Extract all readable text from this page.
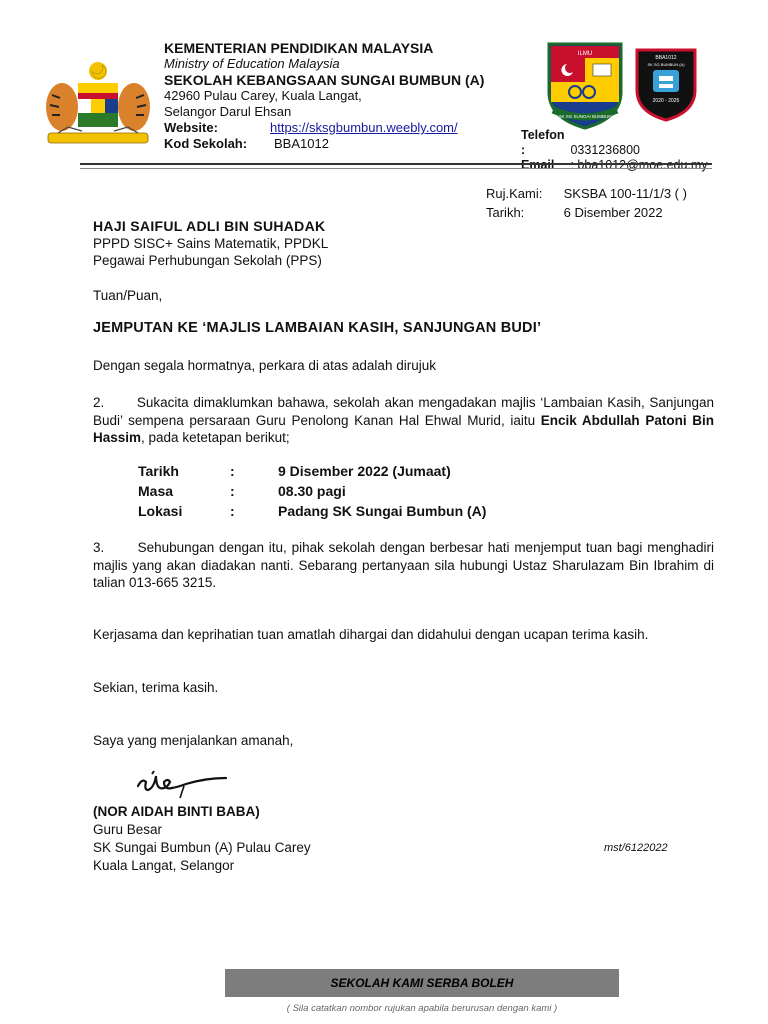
KEMENTERIAN PENDIDIKAN MALAYSIA
Ministry of Education Malaysia
SEKOLAH KEBANGSAAN SUNGAI BUMBUN (A)
42960 Pulau Carey, Kuala Langat,
Selangor Darul Ehsan
Website:	https://sksgbumbun.weebly.com/
Kod Sekolah:	BBA1012
ILMU
SK SG SUNGAI BUMBUN
BBA1012
SK SG BUMBUN (A)
2020 - 2025
Telefon :	0331236800
Email : bba1012@moe.edu.my
Ruj.Kami: SKSBA 100-11/1/3 ( )
Tarikh:	6 Disember 2022
HAJI SAIFUL ADLI BIN SUHADAK
PPPD SISC+ Sains Matematik, PPDKL
Pegawai Perhubungan Sekolah (PPS)
Tuan/Puan,
JEMPUTAN KE ‘MAJLIS LAMBAIAN KASIH, SANJUNGAN BUDI’
Dengan segala hormatnya, perkara di atas adalah dirujuk
2.       Sukacita dimaklumkan bahawa, sekolah akan mengadakan majlis ‘Lambaian Kasih, Sanjungan Budi’ sempena persaraan Guru Penolong Kanan Hal Ehwal Murid, iaitu Encik Abdullah Patoni Bin Hassim, pada ketetapan berikut;
Tarikh	:	9 Disember 2022 (Jumaat)
Masa	:	08.30 pagi
Lokasi	:	Padang SK Sungai Bumbun (A)
3.       Sehubungan dengan itu, pihak sekolah dengan berbesar hati menjemput tuan bagi menghadiri majlis yang akan diadakan nanti. Sebarang pertanyaan sila hubungi Ustaz Sharulazam Bin Ibrahim di talian 013-665 3215.
Kerjasama dan keprihatian tuan amatlah dihargai dan didahului dengan ucapan terima kasih.
Sekian, terima kasih.
Saya yang menjalankan amanah,
(NOR AIDAH BINTI BABA)
Guru Besar
SK Sungai Bumbun (A) Pulau Carey
Kuala Langat, Selangor
mst/6122022
SEKOLAH KAMI SERBA BOLEH
( Sila catatkan nombor rujukan apabila berurusan dengan kami )
